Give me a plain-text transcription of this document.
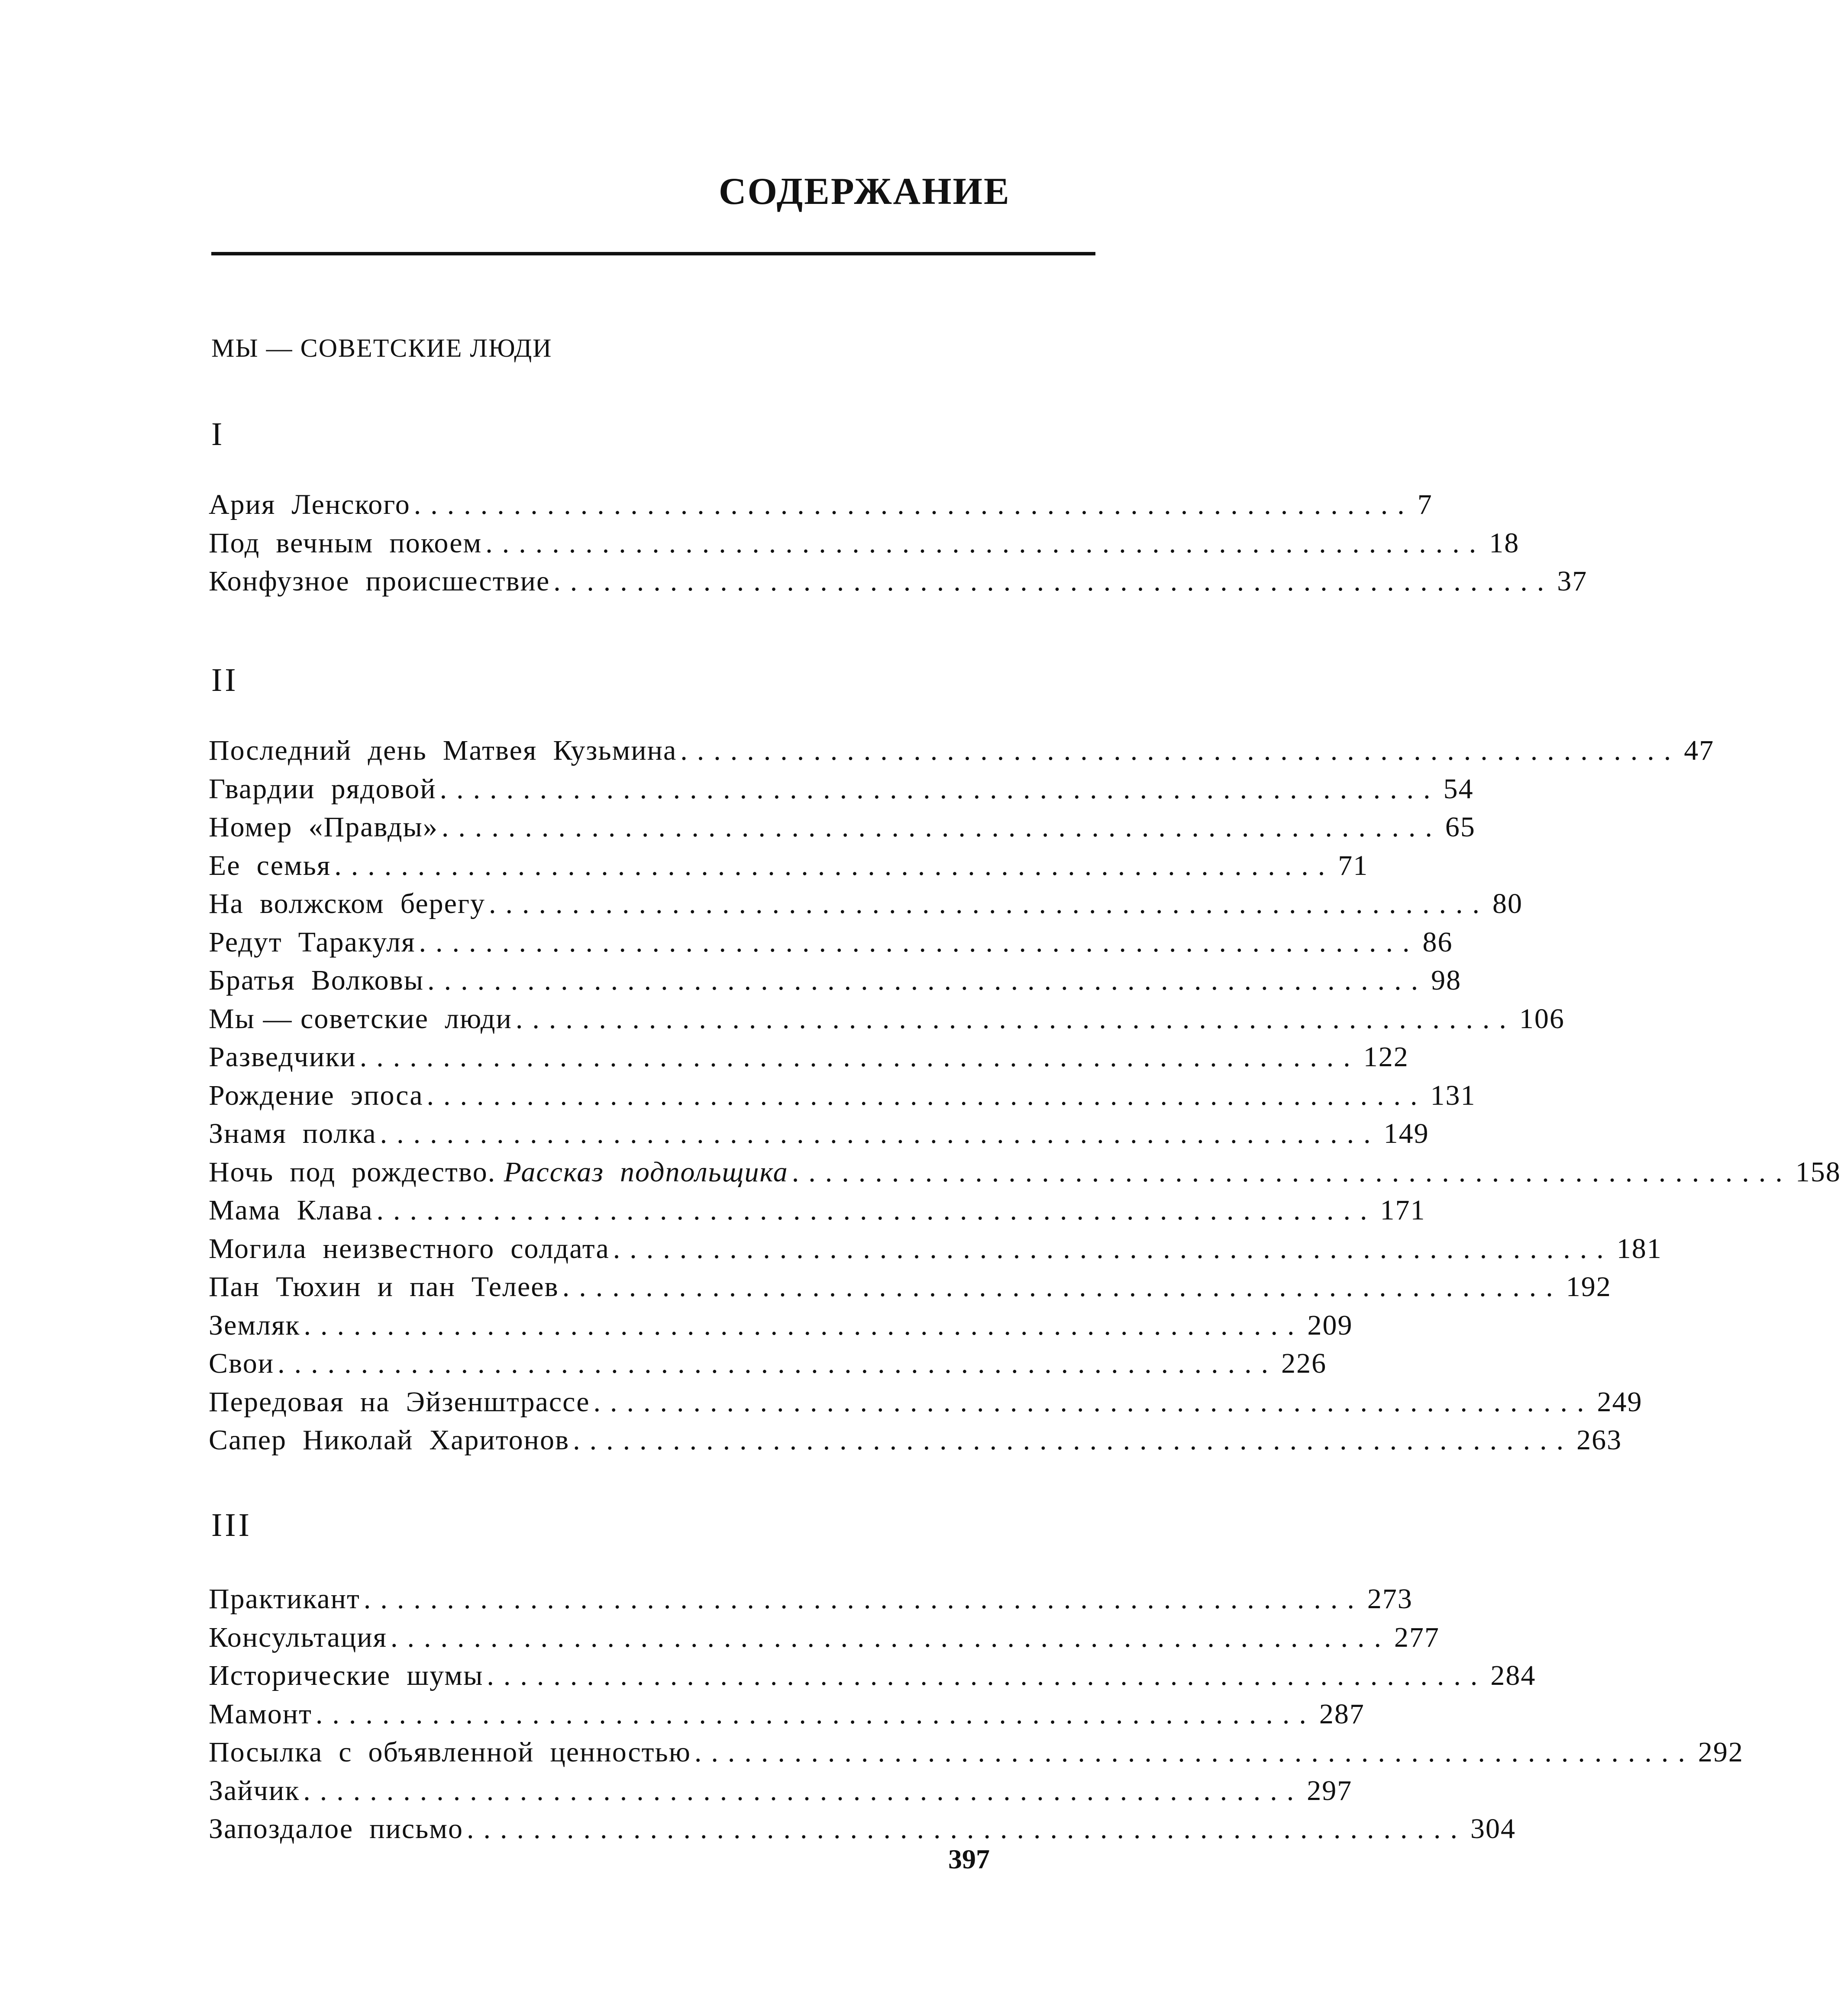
СОДЕРЖАНИЕ
МЫ — СОВЕТСКИЕ ЛЮДИ
I
Ария  Ленского ............................................................ 7
Под  вечным  покоем ............................................................ 18
Конфузное  происшествие ............................................................ 37
II
Последний  день  Матвея  Кузьмина ............................................................ 47
Гвардии  рядовой ............................................................ 54
Номер  «Правды» ............................................................ 65
Ее  семья ............................................................ 71
На  волжском  берегу ............................................................ 80
Редут  Таракуля ............................................................ 86
Братья  Волковы ............................................................ 98
Мы — советские  люди ............................................................ 106
Разведчики ............................................................ 122
Рождение  эпоса ............................................................ 131
Знамя  полка ............................................................ 149
Ночь  под  рождество. Рассказ  подпольщика ............................................................ 158
Мама  Клава ............................................................ 171
Могила  неизвестного  солдата ............................................................ 181
Пан  Тюхин  и  пан  Телеев ............................................................ 192
Земляк ............................................................ 209
Свои ............................................................ 226
Передовая  на  Эйзенштрассе ............................................................ 249
Сапер  Николай  Харитонов ............................................................ 263
III
Практикант ............................................................ 273
Консультация ............................................................ 277
Исторические  шумы ............................................................ 284
Мамонт ............................................................ 287
Посылка  с  объявленной  ценностью ............................................................ 292
Зайчик ............................................................ 297
Запоздалое  письмо ............................................................ 304
397
